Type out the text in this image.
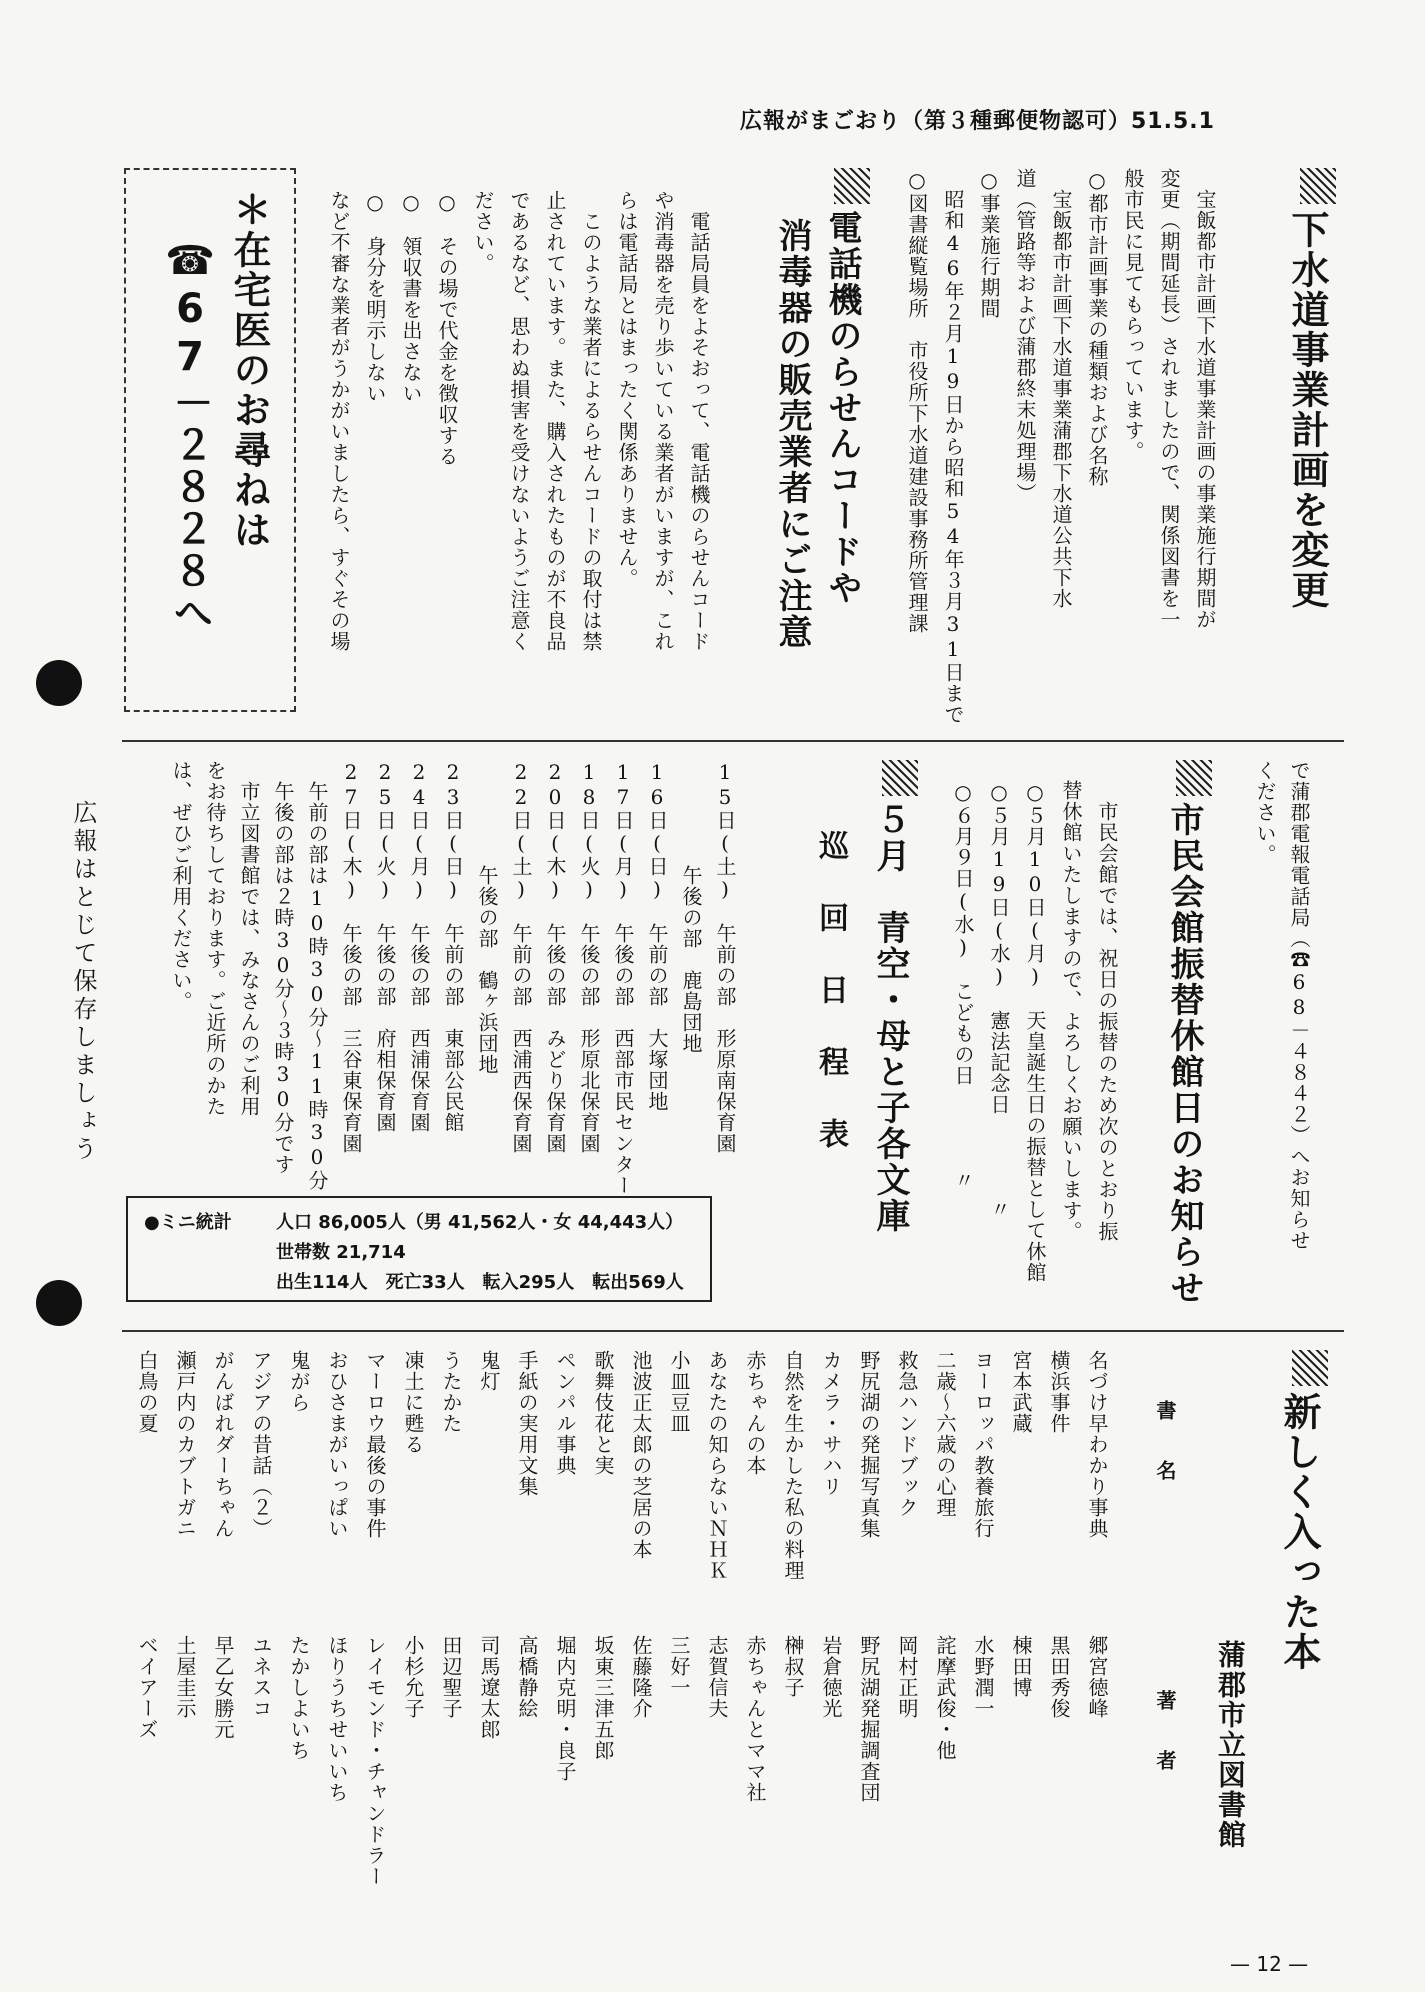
広報がまごおり（第３種郵便物認可）51.5.1
下水道事業計画を変更
　宝飯都市計画下水道事業計画の事業施行期間が
変更（期間延長）されましたので、関係図書を一
般市民に見てもらっています。
○都市計画事業の種類および名称
　宝飯都市計画下水道事業蒲郡下水道公共下水
道（管路等および蒲郡終末処理場）
○事業施行期間
　昭和46年２月19日から昭和54年３月31日まで
○図書縦覧場所　市役所下水道建設事務所管理課
電話機のらせんコードや
消毒器の販売業者にご注意
　電話局員をよそおって、電話機のらせんコード
や消毒器を売り歩いている業者がいますが、これ
らは電話局とはまったく関係ありません。
　このような業者によるらせんコードの取付は禁
止されています。また、購入されたものが不良品
であるなど、思わぬ損害を受けないようご注意く
ださい。
○　その場で代金を徴収する
○　領収書を出さない
○　身分を明示しない
など不審な業者がうかがいましたら、すぐその場
＊在宅医のお尋ねは
☎67－２８２８へ
で蒲郡電報電話局（☎68－４８４２）へお知らせ
ください。
市民会館振替休館日のお知らせ
　市民会館では、祝日の振替のため次のとおり振
替休館いたしますので、よろしくお願いします。
○５月10日(月)　天皇誕生日の振替として休館
○５月19日(水)　憲法記念日　　　　〃
○６月９日(水)　こどもの日　　　　〃
５月　青空・母と子各文庫
巡　回　日　程　表
15日(土)　午前の部　形原南保育園
　　　　　午後の部　鹿島団地
16日(日)　午前の部　大塚団地
17日(月)　午後の部　西部市民センター
18日(火)　午後の部　形原北保育園
20日(木)　午後の部　みどり保育園
22日(土)　午前の部　西浦西保育園
　　　　　午後の部　鶴ヶ浜団地
23日(日)　午前の部　東部公民館
24日(月)　午後の部　西浦保育園
25日(火)　午後の部　府相保育園
27日(木)　午後の部　三谷東保育園
　午前の部は10時30分～11時30分
　午後の部は２時30分～３時30分です
　市立図書館では、みなさんのご利用
をお待ちしております。ご近所のかた
は、ぜひご利用ください。
広報はとじて保存しましょう
●ミニ統計 人口 86,005人（男 41,562人・女 44,443人）
世帯数 21,714
出生114人　死亡33人　転入295人　転出569人
新しく入った本
蒲郡市立図書館
書　名
著　者
名づけ早わかり事典
郷宮徳峰
横浜事件
黒田秀俊
宮本武蔵
棟田博
ヨーロッパ教養旅行
水野潤一
二歳～六歳の心理
詫摩武俊・他
救急ハンドブック
岡村正明
野尻湖の発掘写真集
野尻湖発掘調査団
カメラ・サハリ
岩倉徳光
自然を生かした私の料理
榊叔子
赤ちゃんの本
赤ちゃんとママ社
あなたの知らないＮＨＫ
志賀信夫
小皿豆皿
三好一
池波正太郎の芝居の本
佐藤隆介
歌舞伎花と実
坂東三津五郎
ペンパル事典
堀内克明・良子
手紙の実用文集
高橋静絵
鬼灯
司馬遼太郎
うたかた
田辺聖子
凍土に甦る
小杉允子
マーロウ最後の事件
レイモンド・チャンドラー
おひさまがいっぱい
ほりうちせいいち
鬼がら
たかしよいち
アジアの昔話（２）
ユネスコ
がんばれダーちゃん
早乙女勝元
瀬戸内のカブトガニ
土屋圭示
白鳥の夏
ベイアーズ
— 12 —
